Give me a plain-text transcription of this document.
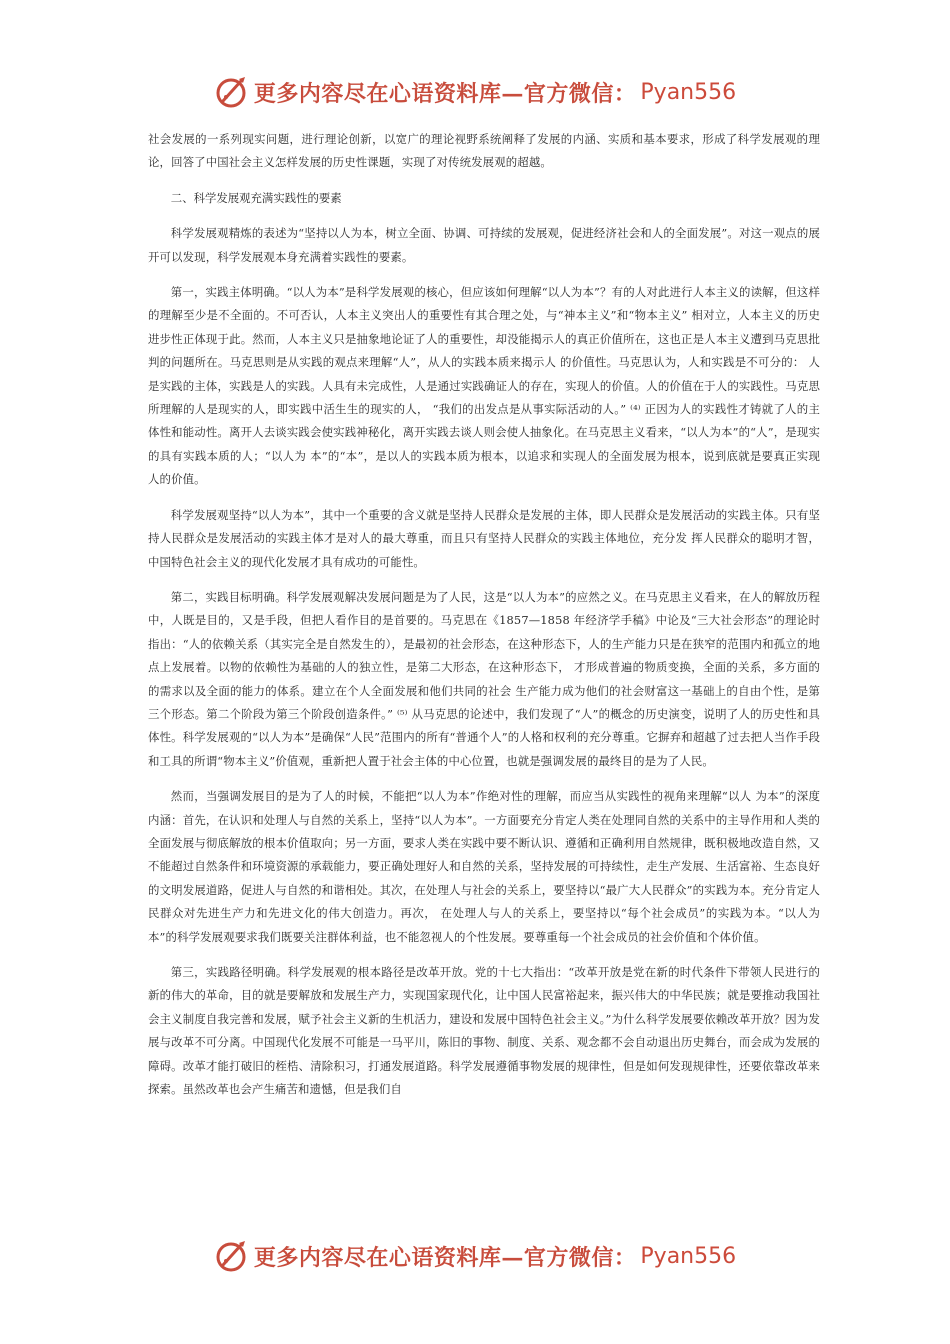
更多内容尽在心语资料库—官方微信： Pyan556

社会发展的一系列现实问题，进行理论创新，以宽广的理论视野系统阐释了发展的内涵、实质和基本要求，形成了科学发展观的理论，回答了中国社会主义怎样发展的历史性课题，实现了对传统发展观的超越。

二、科学发展观充满实践性的要素

科学发展观精炼的表述为“坚持以人为本，树立全面、协调、可持续的发展观，促进经济社会和人的全面发展”。对这一观点的展开可以发现，科学发展观本身充满着实践性的要素。

第一，实践主体明确。“以人为本”是科学发展观的核心，但应该如何理解“以人为本”？有的人对此进行人本主义的读解，但这样的理解至少是不全面的。不可否认，人本主义突出人的重要性有其合理之处，与“神本主义”和“物本主义” 相对立，人本主义的历史进步性正体现于此。然而，人本主义只是抽象地论证了人的重要性，却没能揭示人的真正价值所在，这也正是人本主义遭到马克思批判的问题所在。马克思则是从实践的观点来理解“人”，从人的实践本质来揭示人 的价值性。马克思认为，人和实践是不可分的： 人是实践的主体，实践是人的实践。人具有未完成性，人是通过实践确证人的存在，实现人的价值。人的价值在于人的实践性。马克思所理解的人是现实的人，即实践中活生生的现实的人， “我们的出发点是从事实际活动的人。” ⁽⁴⁾ 正因为人的实践性才铸就了人的主体性和能动性。离开人去谈实践会使实践神秘化，离开实践去谈人则会使人抽象化。在马克思主义看来，“以人为本”的“人”，是现实的具有实践本质的人；“以人为 本”的“本”，是以人的实践本质为根本，以追求和实现人的全面发展为根本，说到底就是要真正实现人的价值。

科学发展观坚持“以人为本”，其中一个重要的含义就是坚持人民群众是发展的主体，即人民群众是发展活动的实践主体。只有坚持人民群众是发展活动的实践主体才是对人的最大尊重，而且只有坚持人民群众的实践主体地位，充分发 挥人民群众的聪明才智，中国特色社会主义的现代化发展才具有成功的可能性。

第二，实践目标明确。科学发展观解决发展问题是为了人民，这是“以人为本”的应然之义。在马克思主义看来，在人的解放历程中，人既是目的，又是手段，但把人看作目的是首要的。马克思在《1857—1858 年经济学手稿》中论及“三大社会形态”的理论时指出：“人的依赖关系（其实完全是自然发生的），是最初的社会形态，在这种形态下，人的生产能力只是在狭窄的范围内和孤立的地点上发展着。以物的依赖性为基础的人的独立性，是第二大形态，在这种形态下， 才形成普遍的物质变换，全面的关系，多方面的的需求以及全面的能力的体系。建立在个人全面发展和他们共同的社会 生产能力成为他们的社会财富这一基础上的自由个性，是第三个形态。第二个阶段为第三个阶段创造条件。” ⁽⁵⁾ 从马克思的论述中，我们发现了“人”的概念的历史演变，说明了人的历史性和具体性。科学发展观的“以人为本”是确保“人民”范围内的所有“普通个人”的人格和权利的充分尊重。它摒弃和超越了过去把人当作手段和工具的所谓“物本主义”价值观，重新把人置于社会主体的中心位置，也就是强调发展的最终目的是为了人民。

然而，当强调发展目的是为了人的时候，不能把“以人为本”作绝对性的理解，而应当从实践性的视角来理解“以人 为本”的深度内涵：首先，在认识和处理人与自然的关系上，坚持“以人为本”。一方面要充分肯定人类在处理同自然的关系中的主导作用和人类的全面发展与彻底解放的根本价值取向；另一方面，要求人类在实践中要不断认识、遵循和正确利用自然规律，既积极地改造自然，又不能超过自然条件和环境资源的承载能力，要正确处理好人和自然的关系，坚持发展的可持续性，走生产发展、生活富裕、生态良好的文明发展道路，促进人与自然的和谐相处。其次，在处理人与社会的关系上，要坚持以“最广大人民群众”的实践为本。充分肯定人民群众对先进生产力和先进文化的伟大创造力。再次， 在处理人与人的关系上，要坚持以“每个社会成员”的实践为本。“以人为本”的科学发展观要求我们既要关注群体利益，也不能忽视人的个性发展。要尊重每一个社会成员的社会价值和个体价值。

第三，实践路径明确。科学发展观的根本路径是改革开放。党的十七大指出：“改革开放是党在新的时代条件下带领人民进行的新的伟大的革命，目的就是要解放和发展生产力，实现国家现代化，让中国人民富裕起来，振兴伟大的中华民族；就是要推动我国社会主义制度自我完善和发展，赋予社会主义新的生机活力，建设和发展中国特色社会主义。”为什么科学发展要依赖改革开放？因为发展与改革不可分离。中国现代化发展不可能是一马平川，陈旧的事物、制度、关系、观念都不会自动退出历史舞台，而会成为发展的障碍。改革才能打破旧的桎梏、清除积习，打通发展道路。科学发展遵循事物发展的规律性，但是如何发现规律性，还要依靠改革来探索。虽然改革也会产生痛苦和遗憾，但是我们自

更多内容尽在心语资料库—官方微信： Pyan556
